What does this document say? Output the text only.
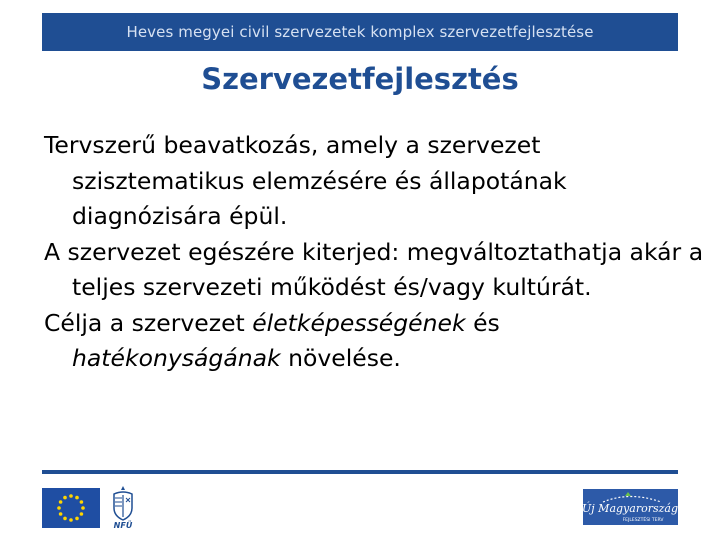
Heves megyei civil szervezetek komplex szervezetfejlesztése
Szervezetfejlesztés

Tervszerű beavatkozás, amely a szervezet szisztematikus elemzésére és állapotának diagnózisára épül.

A szervezet egészére kiterjed: megváltoztathatja akár a teljes szervezeti működést és/vagy kultúrát.

Célja a szervezet életképességének és hatékonyságának növelése.

NFÜ
Új Magyarország
FEJLESZTÉSI TERV
